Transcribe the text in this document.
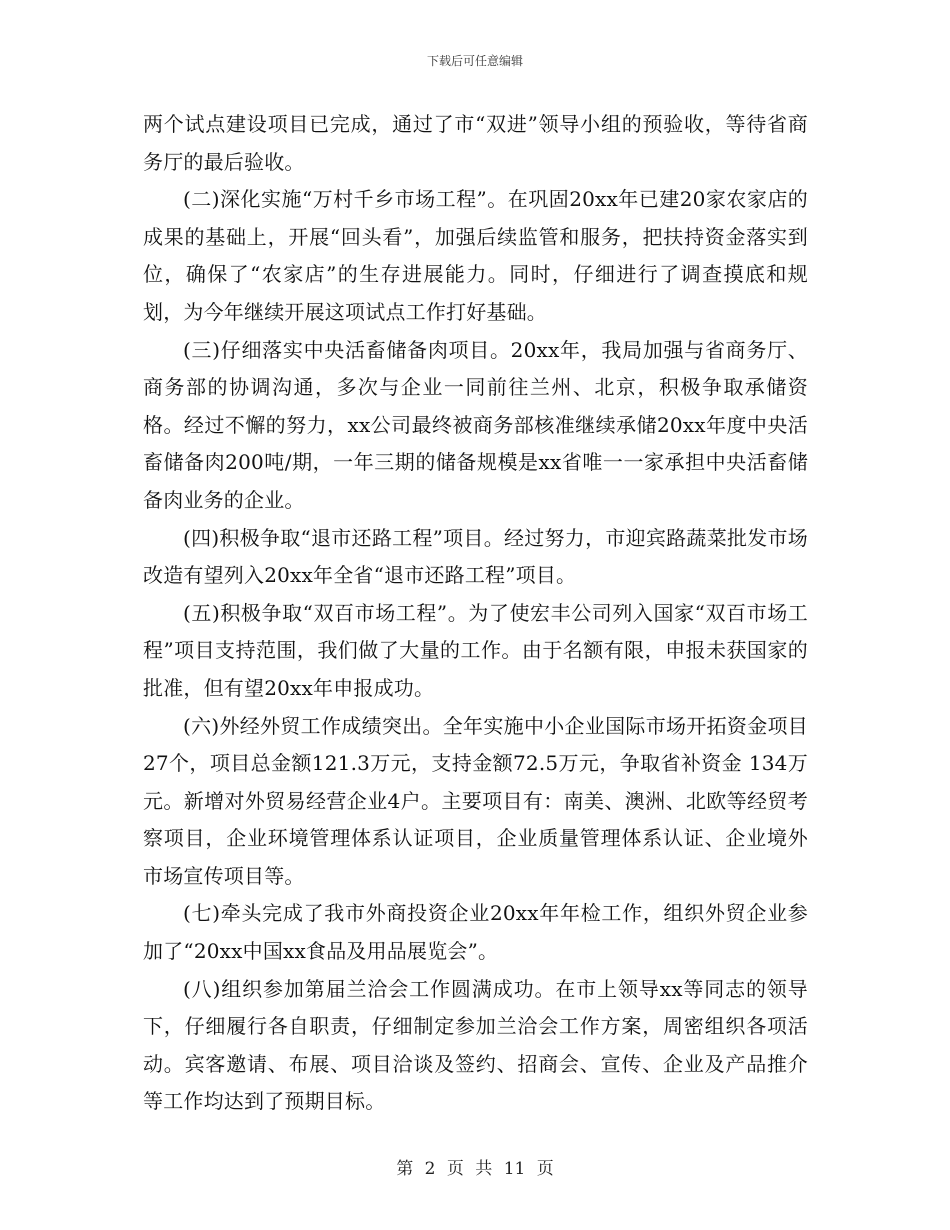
下载后可任意编辑

两个试点建设项目已完成，通过了市“双进”领导小组的预验收，等待省商务厅的最后验收。

(二)深化实施“万村千乡市场工程”。在巩固20xx年已建20家农家店的成果的基础上，开展“回头看”，加强后续监管和服务，把扶持资金落实到位，确保了“农家店”的生存进展能力。同时，仔细进行了调查摸底和规划，为今年继续开展这项试点工作打好基础。

(三)仔细落实中央活畜储备肉项目。20xx年，我局加强与省商务厅、商务部的协调沟通，多次与企业一同前往兰州、北京，积极争取承储资格。经过不懈的努力，xx公司最终被商务部核准继续承储20xx年度中央活畜储备肉200吨/期，一年三期的储备规模是xx省唯一一家承担中央活畜储备肉业务的企业。

(四)积极争取“退市还路工程”项目。经过努力，市迎宾路蔬菜批发市场改造有望列入20xx年全省“退市还路工程”项目。

(五)积极争取“双百市场工程”。为了使宏丰公司列入国家“双百市场工程”项目支持范围，我们做了大量的工作。由于名额有限，申报未获国家的批准，但有望20xx年申报成功。

(六)外经外贸工作成绩突出。全年实施中小企业国际市场开拓资金项目27个，项目总金额121.3万元，支持金额72.5万元，争取省补资金 134万元。新增对外贸易经营企业4户。主要项目有：南美、澳洲、北欧等经贸考察项目，企业环境管理体系认证项目，企业质量管理体系认证、企业境外市场宣传项目等。

(七)牵头完成了我市外商投资企业20xx年年检工作，组织外贸企业参加了“20xx中国xx食品及用品展览会”。

(八)组织参加第届兰洽会工作圆满成功。在市上领导xx等同志的领导下，仔细履行各自职责，仔细制定参加兰洽会工作方案，周密组织各项活动。宾客邀请、布展、项目洽谈及签约、招商会、宣传、企业及产品推介等工作均达到了预期目标。

第 2 页 共 11 页
